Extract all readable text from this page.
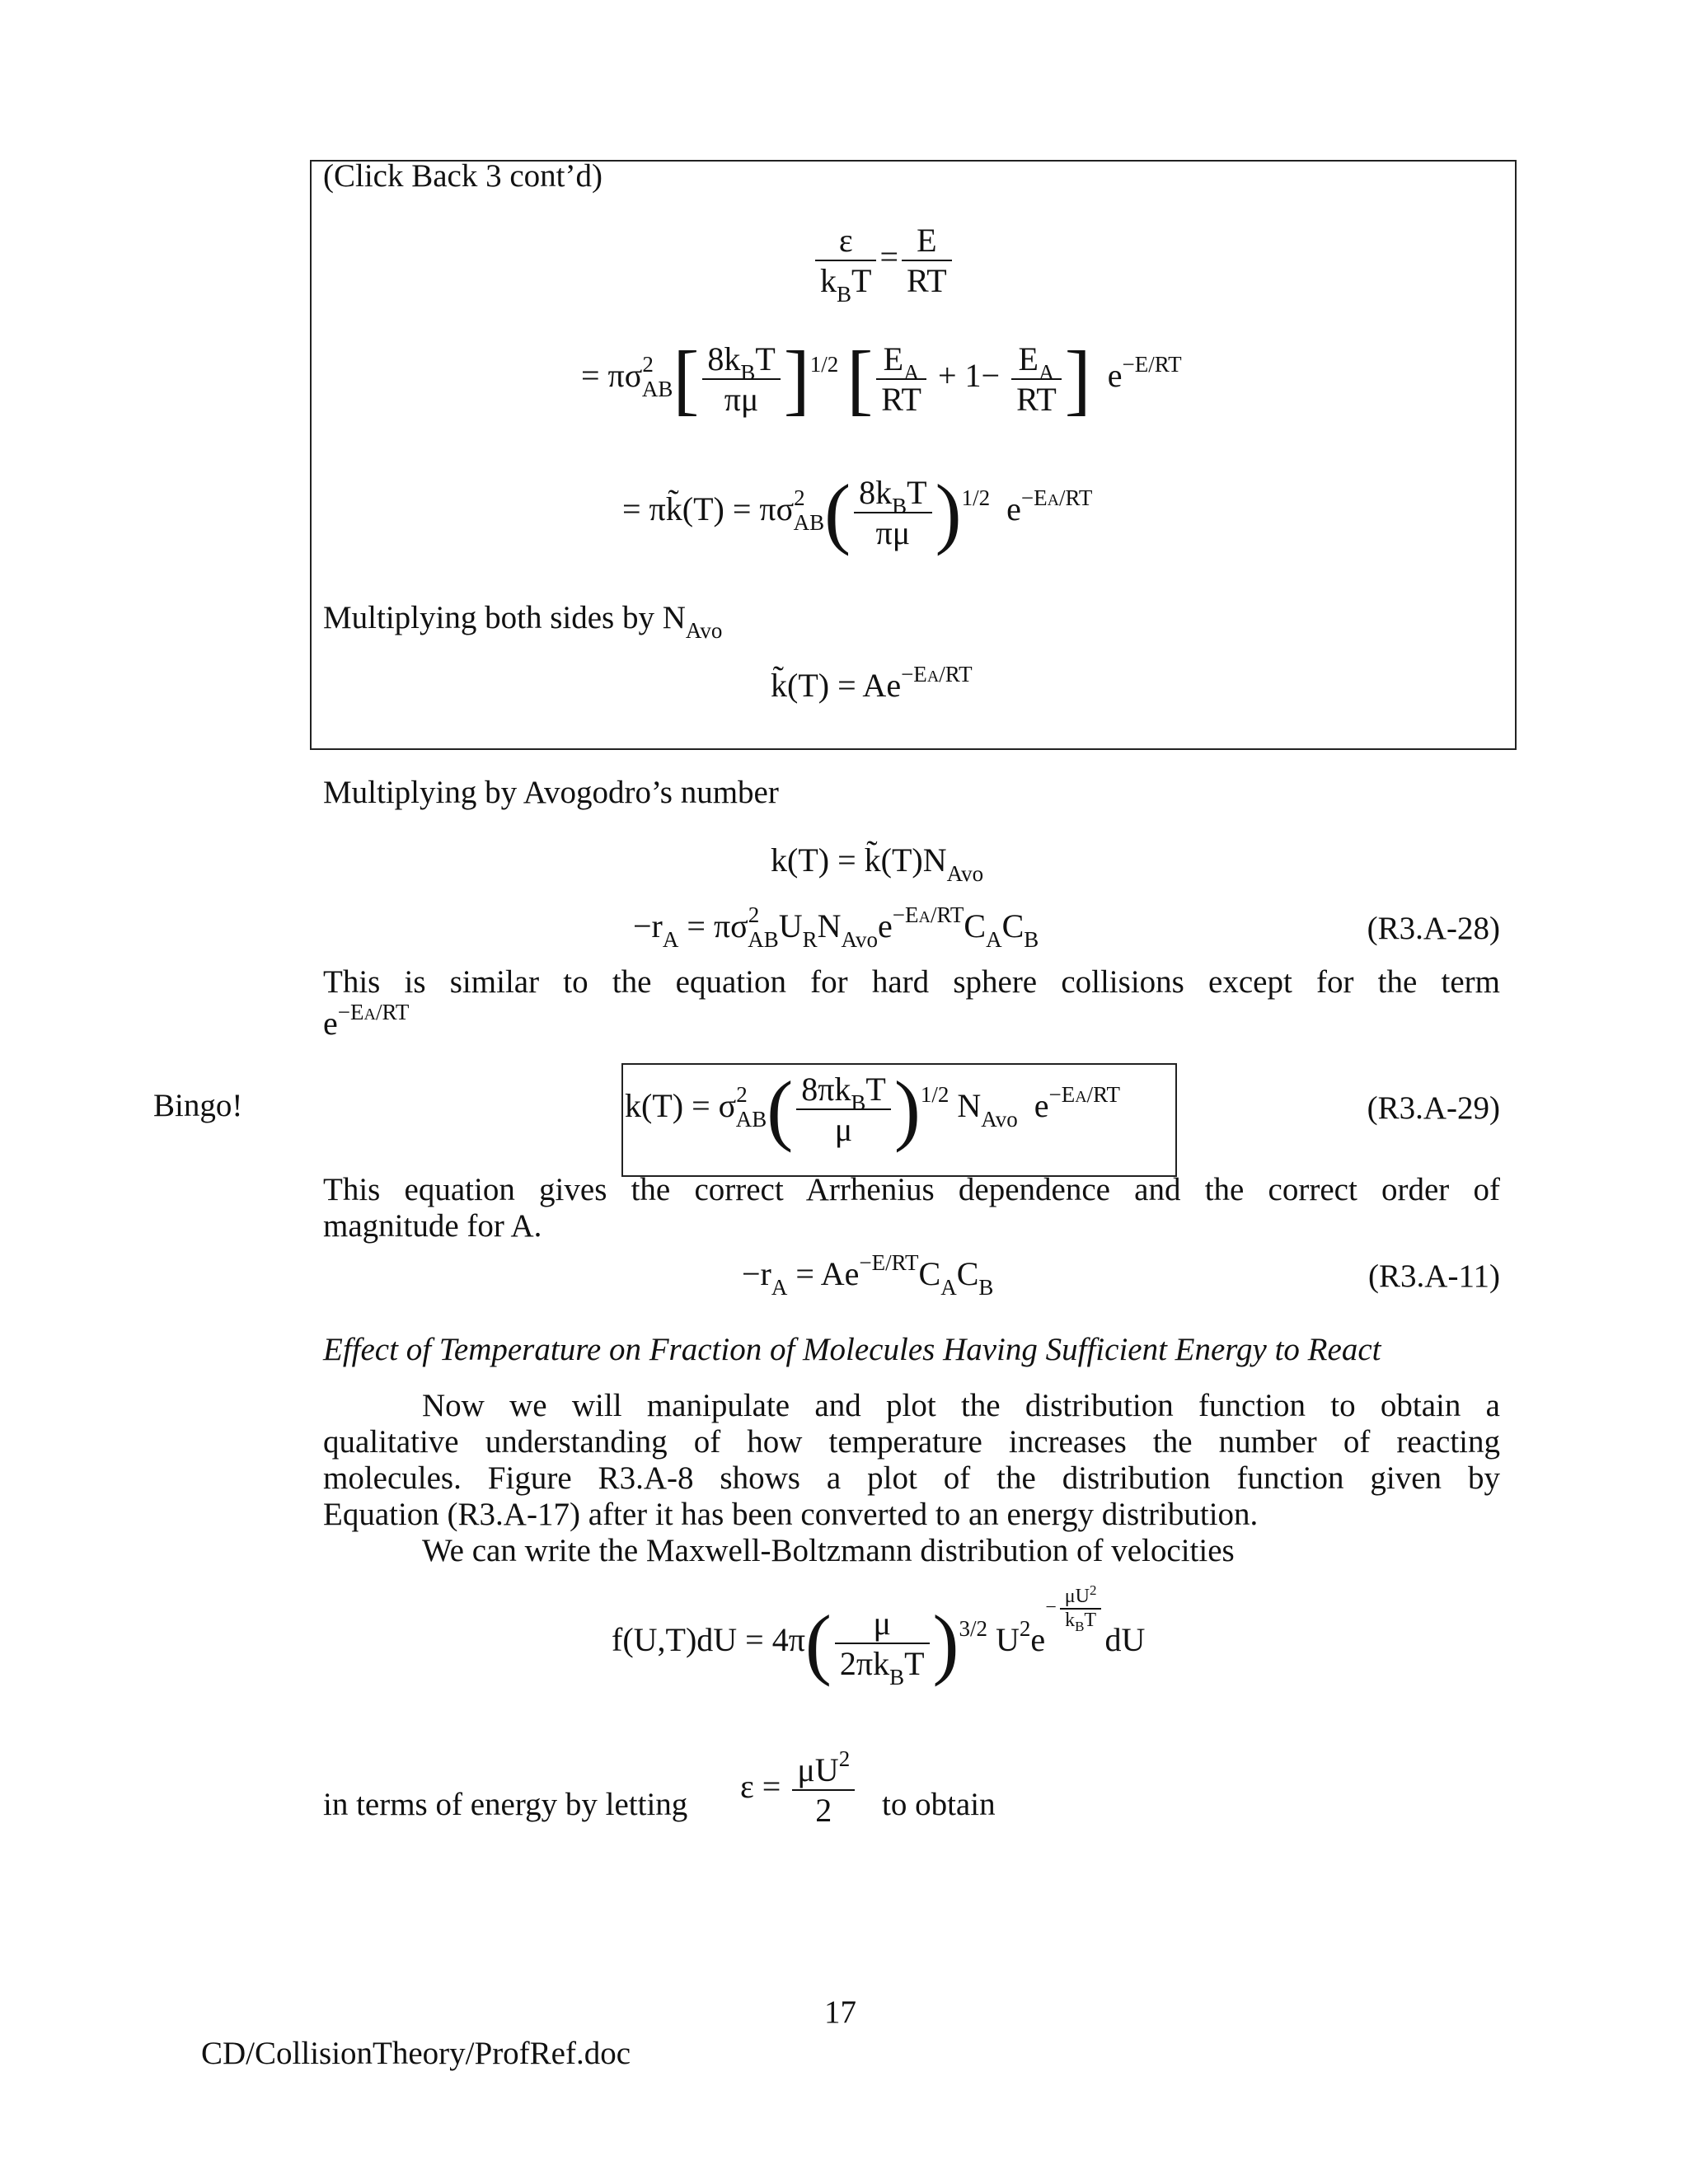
(Click Back 3 cont’d)
$\frac{\varepsilon}{k_BT} = \frac{E}{RT}$
= $\pi\sigma^2_{AB}[ \frac{8k_BT}{\pi\mu} ]^{1/2}$ [ $\frac{E_A}{RT} + 1- \frac{E_A}{RT}$ ]  $e^{-E/RT}$
= πk̃(T) = $\pi\sigma^2_{AB}( \frac{8k_BT}{\pi\mu} )^{1/2}$  $e^{-EA/RT}$
Multiplying both sides by $N_{Avo}$
k̃(T) = $Ae^{-EA/RT}$
Multiplying by Avogodro’s number
$k(T) = k̃(T)N_{Avo}$
$-r_A = \pi\sigma^2_{AB}U_RN_{Avo}e^{-EA/RT}C_AC_B$	(R3.A-28)
This is similar to the equation for hard sphere collisions except for the term
$e^{-EA/RT}$
Bingo!	$k(T) = \sigma^2_{AB}( \frac{8\pi k_BT}{\mu} )^{1/2}$ $N_{Avo}$  $e^{-EA/RT}$	(R3.A-29)
This equation gives the correct Arrhenius dependence and the correct order of
magnitude for A.
$-r_A = Ae^{-E/RT}C_AC_B$	(R3.A-11)
Effect of Temperature on Fraction of Molecules Having Sufficient Energy to React
Now we will manipulate and plot the distribution function to obtain a
qualitative understanding of how temperature increases the number of reacting
molecules. Figure R3.A-8 shows a plot of the distribution function given by
Equation (R3.A-17) after it has been converted to an energy distribution.
We can write the Maxwell-Boltzmann distribution of velocities
$f(U,T)dU = 4\pi( \frac{\mu}{2\pi k_BT} )^{3/2}$ $U^2e- \frac{\mu U^2}{k_BT}$
dU
in terms of energy by letting $\varepsilon = \frac{\mu U^2}{2}$ to obtain
17
CD/CollisionTheory/ProfRef.doc
